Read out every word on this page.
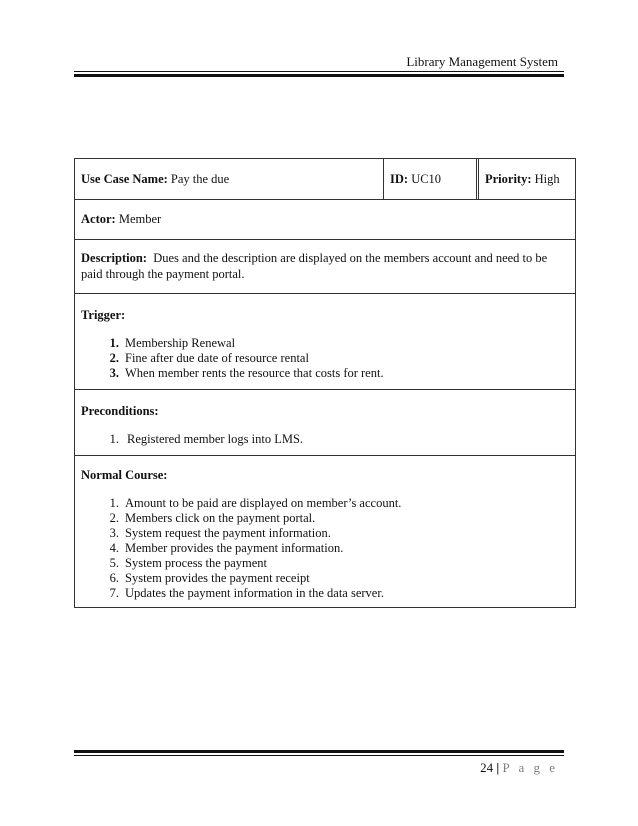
Library Management System
Use Case Name: Pay the due	ID: UC10	Priority: High
Actor: Member
Description:  Dues and the description are displayed on the members account and need to be paid through the payment portal.
Trigger:
1. Membership Renewal
2. Fine after due date of resource rental
3. When member rents the resource that costs for rent.
Preconditions:
1. Registered member logs into LMS.
Normal Course:
1. Amount to be paid are displayed on member’s account.
2. Members click on the payment portal.
3. System request the payment information.
4. Member provides the payment information.
5. System process the payment
6. System provides the payment receipt
7. Updates the payment information in the data server.
24 | P a g e
